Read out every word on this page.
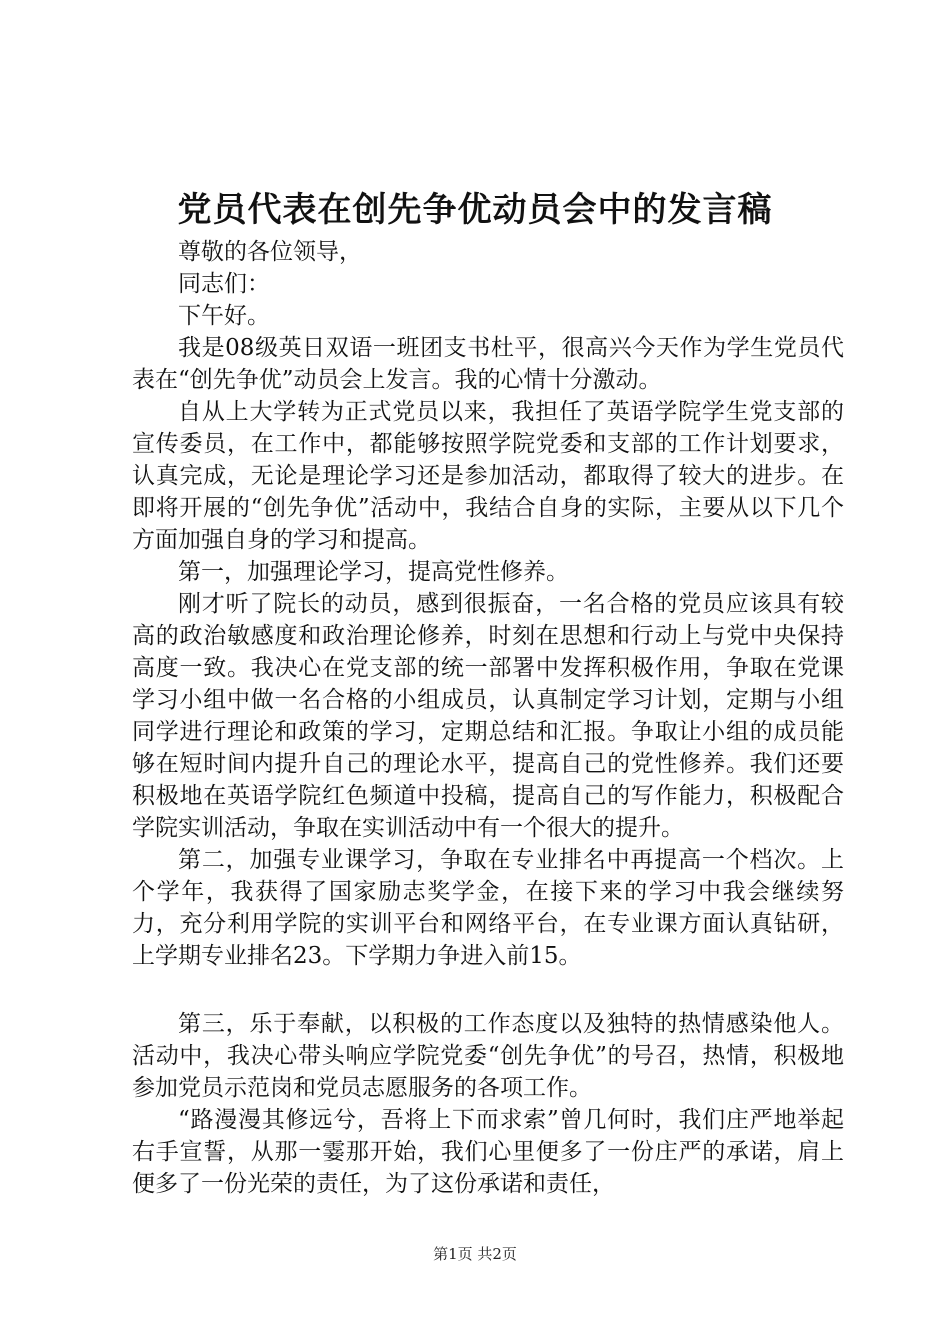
党员代表在创先争优动员会中的发言稿

尊敬的各位领导，

同志们：

下午好。

我是08级英日双语一班团支书杜平，很高兴今天作为学生党员代表在“创先争优”动员会上发言。我的心情十分激动。

自从上大学转为正式党员以来，我担任了英语学院学生党支部的宣传委员，在工作中，都能够按照学院党委和支部的工作计划要求，认真完成，无论是理论学习还是参加活动，都取得了较大的进步。在即将开展的“创先争优”活动中，我结合自身的实际，主要从以下几个方面加强自身的学习和提高。

第一，加强理论学习，提高党性修养。

刚才听了院长的动员，感到很振奋，一名合格的党员应该具有较高的政治敏感度和政治理论修养，时刻在思想和行动上与党中央保持高度一致。我决心在党支部的统一部署中发挥积极作用，争取在党课学习小组中做一名合格的小组成员，认真制定学习计划，定期与小组同学进行理论和政策的学习，定期总结和汇报。争取让小组的成员能够在短时间内提升自己的理论水平，提高自己的党性修养。我们还要积极地在英语学院红色频道中投稿，提高自己的写作能力，积极配合学院实训活动，争取在实训活动中有一个很大的提升。

第二，加强专业课学习，争取在专业排名中再提高一个档次。上个学年，我获得了国家励志奖学金，在接下来的学习中我会继续努力，充分利用学院的实训平台和网络平台，在专业课方面认真钻研，上学期专业排名23。下学期力争进入前15。

第三，乐于奉献，以积极的工作态度以及独特的热情感染他人。活动中，我决心带头响应学院党委“创先争优”的号召，热情，积极地参加党员示范岗和党员志愿服务的各项工作。

“路漫漫其修远兮，吾将上下而求索”曾几何时，我们庄严地举起右手宣誓，从那一霎那开始，我们心里便多了一份庄严的承诺，肩上便多了一份光荣的责任，为了这份承诺和责任，

第1页 共2页
